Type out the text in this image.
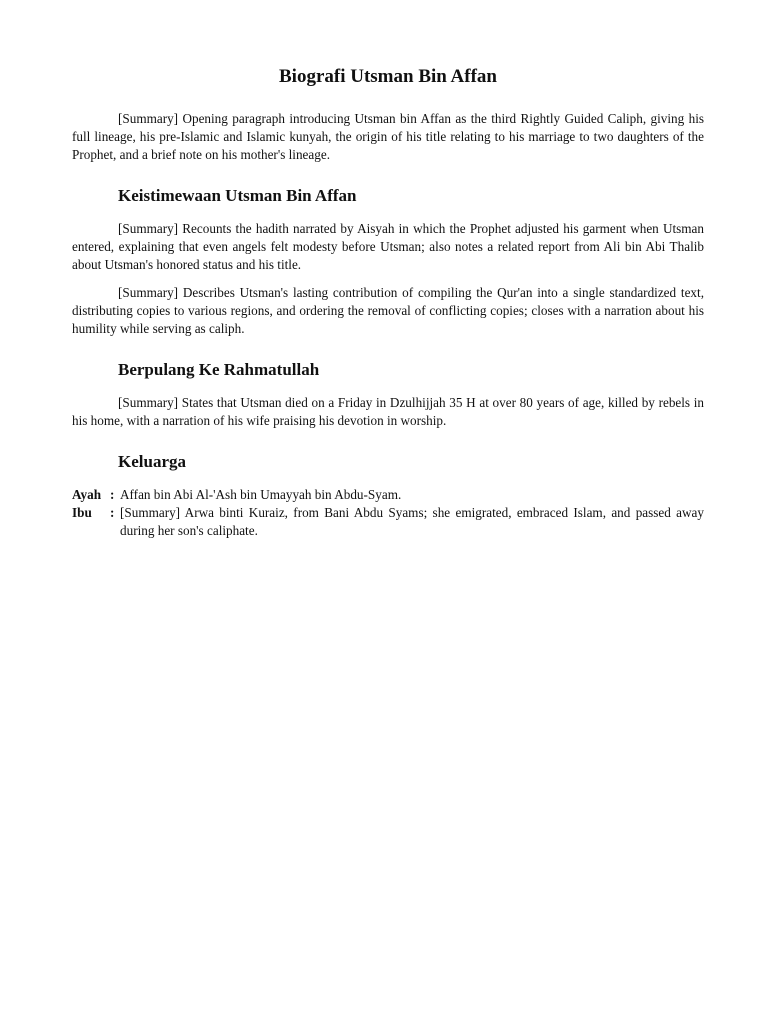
Biografi Utsman Bin Affan

[Summary] Opening paragraph introducing Utsman bin Affan as the third Rightly Guided Caliph, giving his full lineage, his pre-Islamic and Islamic kunyah, the origin of his title relating to his marriage to two daughters of the Prophet, and a brief note on his mother's lineage.

Keistimewaan Utsman Bin Affan

[Summary] Recounts the hadith narrated by Aisyah in which the Prophet adjusted his garment when Utsman entered, explaining that even angels felt modesty before Utsman; also notes a related report from Ali bin Abi Thalib about Utsman's honored status and his title.

[Summary] Describes Utsman's lasting contribution of compiling the Qur'an into a single standardized text, distributing copies to various regions, and ordering the removal of conflicting copies; closes with a narration about his humility while serving as caliph.

Berpulang Ke Rahmatullah

[Summary] States that Utsman died on a Friday in Dzulhijjah 35 H at over 80 years of age, killed by rebels in his home, with a narration of his wife praising his devotion in worship.

Keluarga
Ayah : Affan bin Abi Al-'Ash bin Umayyah bin Abdu-Syam.
Ibu	: [Summary] Arwa binti Kuraiz, from Bani Abdu Syams; she emigrated, embraced Islam, and passed away during her son's caliphate.
